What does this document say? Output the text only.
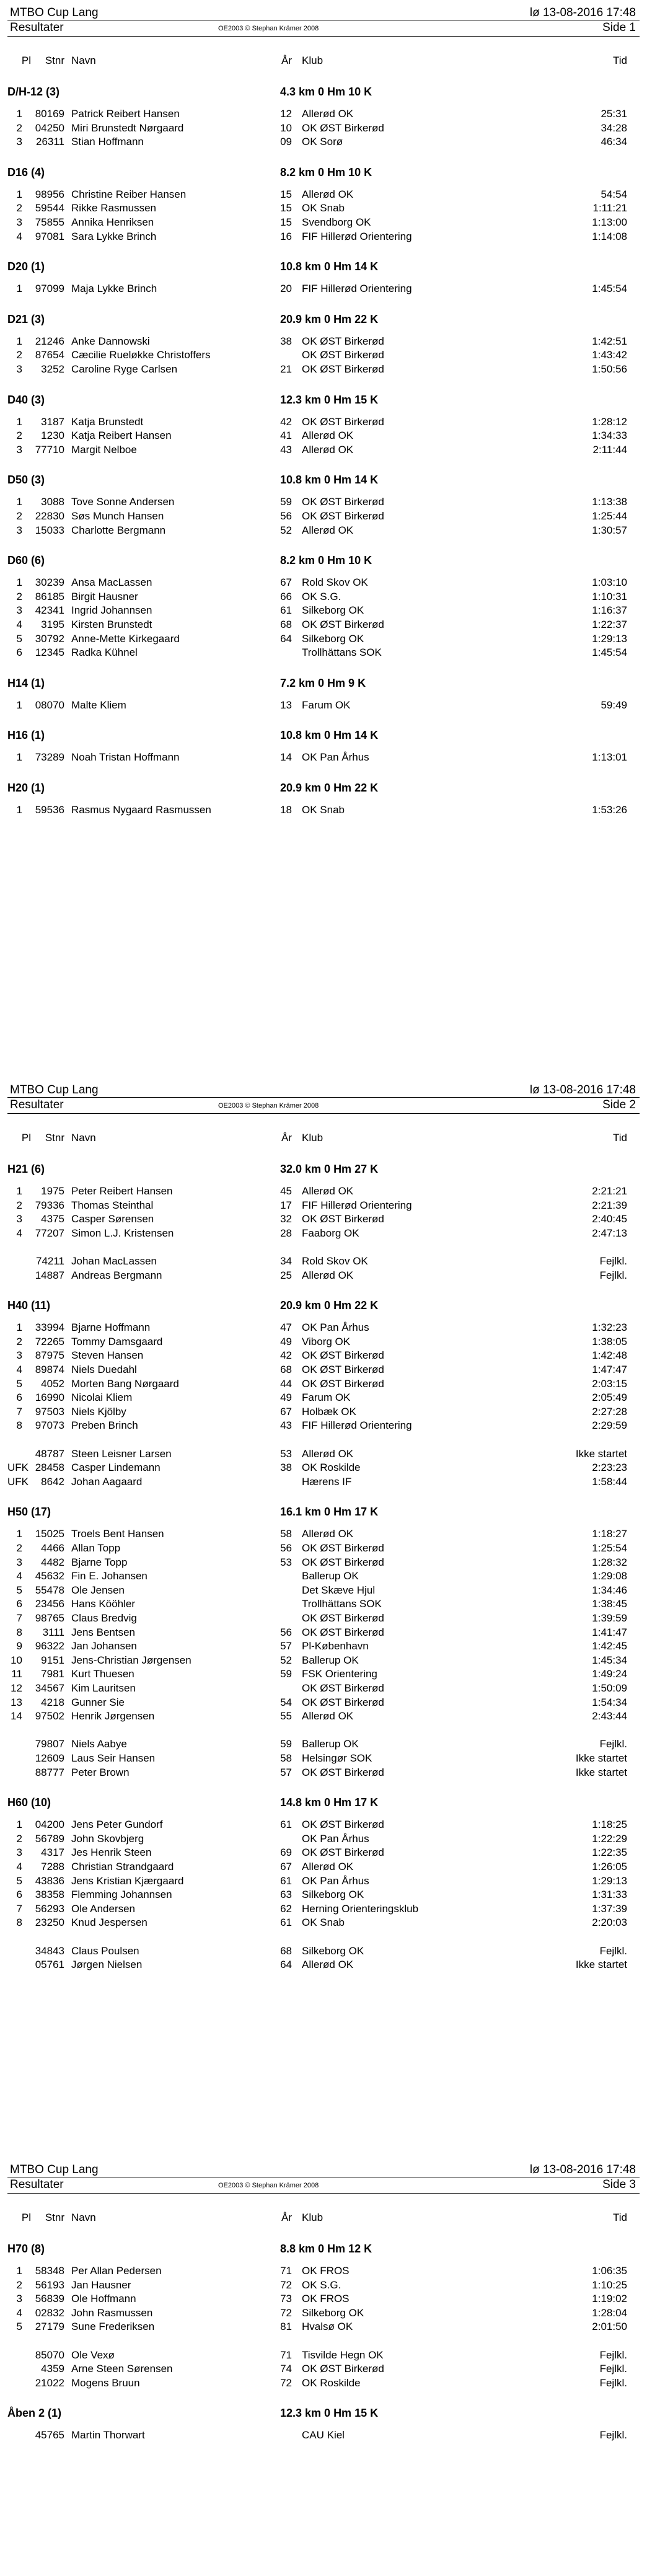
MTBO Cup Lang
Resultater	OE2003 © Stephan Krämer 2008
lø 13-08-2016 17:48
Side 1
Pl	Stnr Navn	År Klub	Tid
D/H-12 (3)	4.3 km 0 Hm 10 K
1	80169 Patrick Reibert Hansen	12 Allerød OK	25:31
2	04250 Miri Brunstedt Nørgaard	10 OK ØST Birkerød	34:28
3	26311 Stian Hoffmann	09 OK Sorø	46:34
D16 (4)	8.2 km 0 Hm 10 K
1	98956 Christine Reiber Hansen	15 Allerød OK	54:54
2	59544 Rikke Rasmussen	15 OK Snab	1:11:21
3	75855 Annika Henriksen	15 Svendborg OK	1:13:00
4	97081 Sara Lykke Brinch	16 FIF Hillerød Orientering	1:14:08
D20 (1)	10.8 km 0 Hm 14 K
1	97099 Maja Lykke Brinch	20 FIF Hillerød Orientering	1:45:54
D21 (3)	20.9 km 0 Hm 22 K
1	21246 Anke Dannowski	38 OK ØST Birkerød	1:42:51
2	87654 Cæcilie Rueløkke Christoffers	OK ØST Birkerød	1:43:42
3	3252 Caroline Ryge Carlsen	21 OK ØST Birkerød	1:50:56
D40 (3)	12.3 km 0 Hm 15 K
1	3187 Katja Brunstedt	42 OK ØST Birkerød	1:28:12
2	1230 Katja Reibert Hansen	41 Allerød OK	1:34:33
3	77710 Margit Nelboe	43 Allerød OK	2:11:44
D50 (3)	10.8 km 0 Hm 14 K
1	3088 Tove Sonne Andersen	59 OK ØST Birkerød	1:13:38
2	22830 Søs Munch Hansen	56 OK ØST Birkerød	1:25:44
3	15033 Charlotte Bergmann	52 Allerød OK	1:30:57
D60 (6)	8.2 km 0 Hm 10 K
1	30239 Ansa MacLassen	67 Rold Skov OK	1:03:10
2	86185 Birgit Hausner	66 OK S.G.	1:10:31
3	42341 Ingrid Johannsen	61 Silkeborg OK	1:16:37
4	3195 Kirsten Brunstedt	68 OK ØST Birkerød	1:22:37
5	30792 Anne-Mette Kirkegaard	64 Silkeborg OK	1:29:13
6	12345 Radka Kühnel	Trollhättans SOK	1:45:54
H14 (1)	7.2 km 0 Hm 9 K
1	08070 Malte Kliem	13 Farum OK	59:49
H16 (1)	10.8 km 0 Hm 14 K
1	73289 Noah Tristan Hoffmann	14 OK Pan Århus	1:13:01
H20 (1)	20.9 km 0 Hm 22 K
1	59536 Rasmus Nygaard Rasmussen	18 OK Snab	1:53:26
MTBO Cup Lang
Resultater	OE2003 © Stephan Krämer 2008
lø 13-08-2016 17:48
Side 2
Pl	Stnr Navn	År Klub	Tid
H21 (6)	32.0 km 0 Hm 27 K
1	1975 Peter Reibert Hansen	45 Allerød OK	2:21:21
2	79336 Thomas Steinthal	17 FIF Hillerød Orientering	2:21:39
3	4375 Casper Sørensen	32 OK ØST Birkerød	2:40:45
4	77207 Simon L.J. Kristensen	28 Faaborg OK	2:47:13
74211 Johan MacLassen	34 Rold Skov OK	Fejlkl.
14887 Andreas Bergmann	25 Allerød OK	Fejlkl.
H40 (11)	20.9 km 0 Hm 22 K
1	33994 Bjarne Hoffmann	47 OK Pan Århus	1:32:23
2	72265 Tommy Damsgaard	49 Viborg OK	1:38:05
3	87975 Steven Hansen	42 OK ØST Birkerød	1:42:48
4	89874 Niels Duedahl	68 OK ØST Birkerød	1:47:47
5	4052 Morten Bang Nørgaard	44 OK ØST Birkerød	2:03:15
6	16990 Nicolai Kliem	49 Farum OK	2:05:49
7	97503 Niels Kjölby	67 Holbæk OK	2:27:28
8	97073 Preben Brinch	43 FIF Hillerød Orientering	2:29:59
48787 Steen Leisner Larsen	53 Allerød OK	Ikke startet
UFK 28458 Casper Lindemann	38 OK Roskilde	2:23:23
UFK	8642 Johan Aagaard	Hærens IF	1:58:44
H50 (17)	16.1 km 0 Hm 17 K
1	15025 Troels Bent Hansen	58 Allerød OK	1:18:27
2	4466 Allan Topp	56 OK ØST Birkerød	1:25:54
3	4482 Bjarne Topp	53 OK ØST Birkerød	1:28:32
4	45632 Fin E. Johansen	Ballerup OK	1:29:08
5	55478 Ole Jensen	Det Skæve Hjul	1:34:46
6	23456 Hans Kööhler	Trollhättans SOK	1:38:45
7	98765 Claus Bredvig	OK ØST Birkerød	1:39:59
8	3111 Jens Bentsen	56 OK ØST Birkerød	1:41:47
9	96322 Jan Johansen	57 Pl-København	1:42:45
10	9151 Jens-Christian Jørgensen	52 Ballerup OK	1:45:34
11	7981 Kurt Thuesen	59 FSK Orientering	1:49:24
12	34567 Kim Lauritsen	OK ØST Birkerød	1:50:09
13	4218 Gunner Sie	54 OK ØST Birkerød	1:54:34
14	97502 Henrik Jørgensen	55 Allerød OK	2:43:44
79807 Niels Aabye	59 Ballerup OK	Fejlkl.
12609 Laus Seir Hansen	58 Helsingør SOK	Ikke startet
88777 Peter Brown	57 OK ØST Birkerød	Ikke startet
H60 (10)	14.8 km 0 Hm 17 K
1	04200 Jens Peter Gundorf	61 OK ØST Birkerød	1:18:25
2	56789 John Skovbjerg	OK Pan Århus	1:22:29
3	4317 Jes Henrik Steen	69 OK ØST Birkerød	1:22:35
4	7288 Christian Strandgaard	67 Allerød OK	1:26:05
5	43836 Jens Kristian Kjærgaard	61 OK Pan Århus	1:29:13
6	38358 Flemming Johannsen	63 Silkeborg OK	1:31:33
7	56293 Ole Andersen	62 Herning Orienteringsklub	1:37:39
8	23250 Knud Jespersen	61 OK Snab	2:20:03
34843 Claus Poulsen	68 Silkeborg OK	Fejlkl.
05761 Jørgen Nielsen	64 Allerød OK	Ikke startet
MTBO Cup Lang
Resultater	OE2003 © Stephan Krämer 2008
lø 13-08-2016 17:48
Side 3
Pl	Stnr Navn	År Klub	Tid
H70 (8)	8.8 km 0 Hm 12 K
1	58348 Per Allan Pedersen	71 OK FROS	1:06:35
2	56193 Jan Hausner	72 OK S.G.	1:10:25
3	56839 Ole Hoffmann	73 OK FROS	1:19:02
4	02832 John Rasmussen	72 Silkeborg OK	1:28:04
5	27179 Sune Frederiksen	81 Hvalsø OK	2:01:50
85070 Ole Vexø	71 Tisvilde Hegn OK	Fejlkl.
4359 Arne Steen Sørensen	74 OK ØST Birkerød	Fejlkl.
21022 Mogens Bruun	72 OK Roskilde	Fejlkl.
Åben 2 (1)	12.3 km 0 Hm 15 K
45765 Martin Thorwart	CAU Kiel	Fejlkl.
